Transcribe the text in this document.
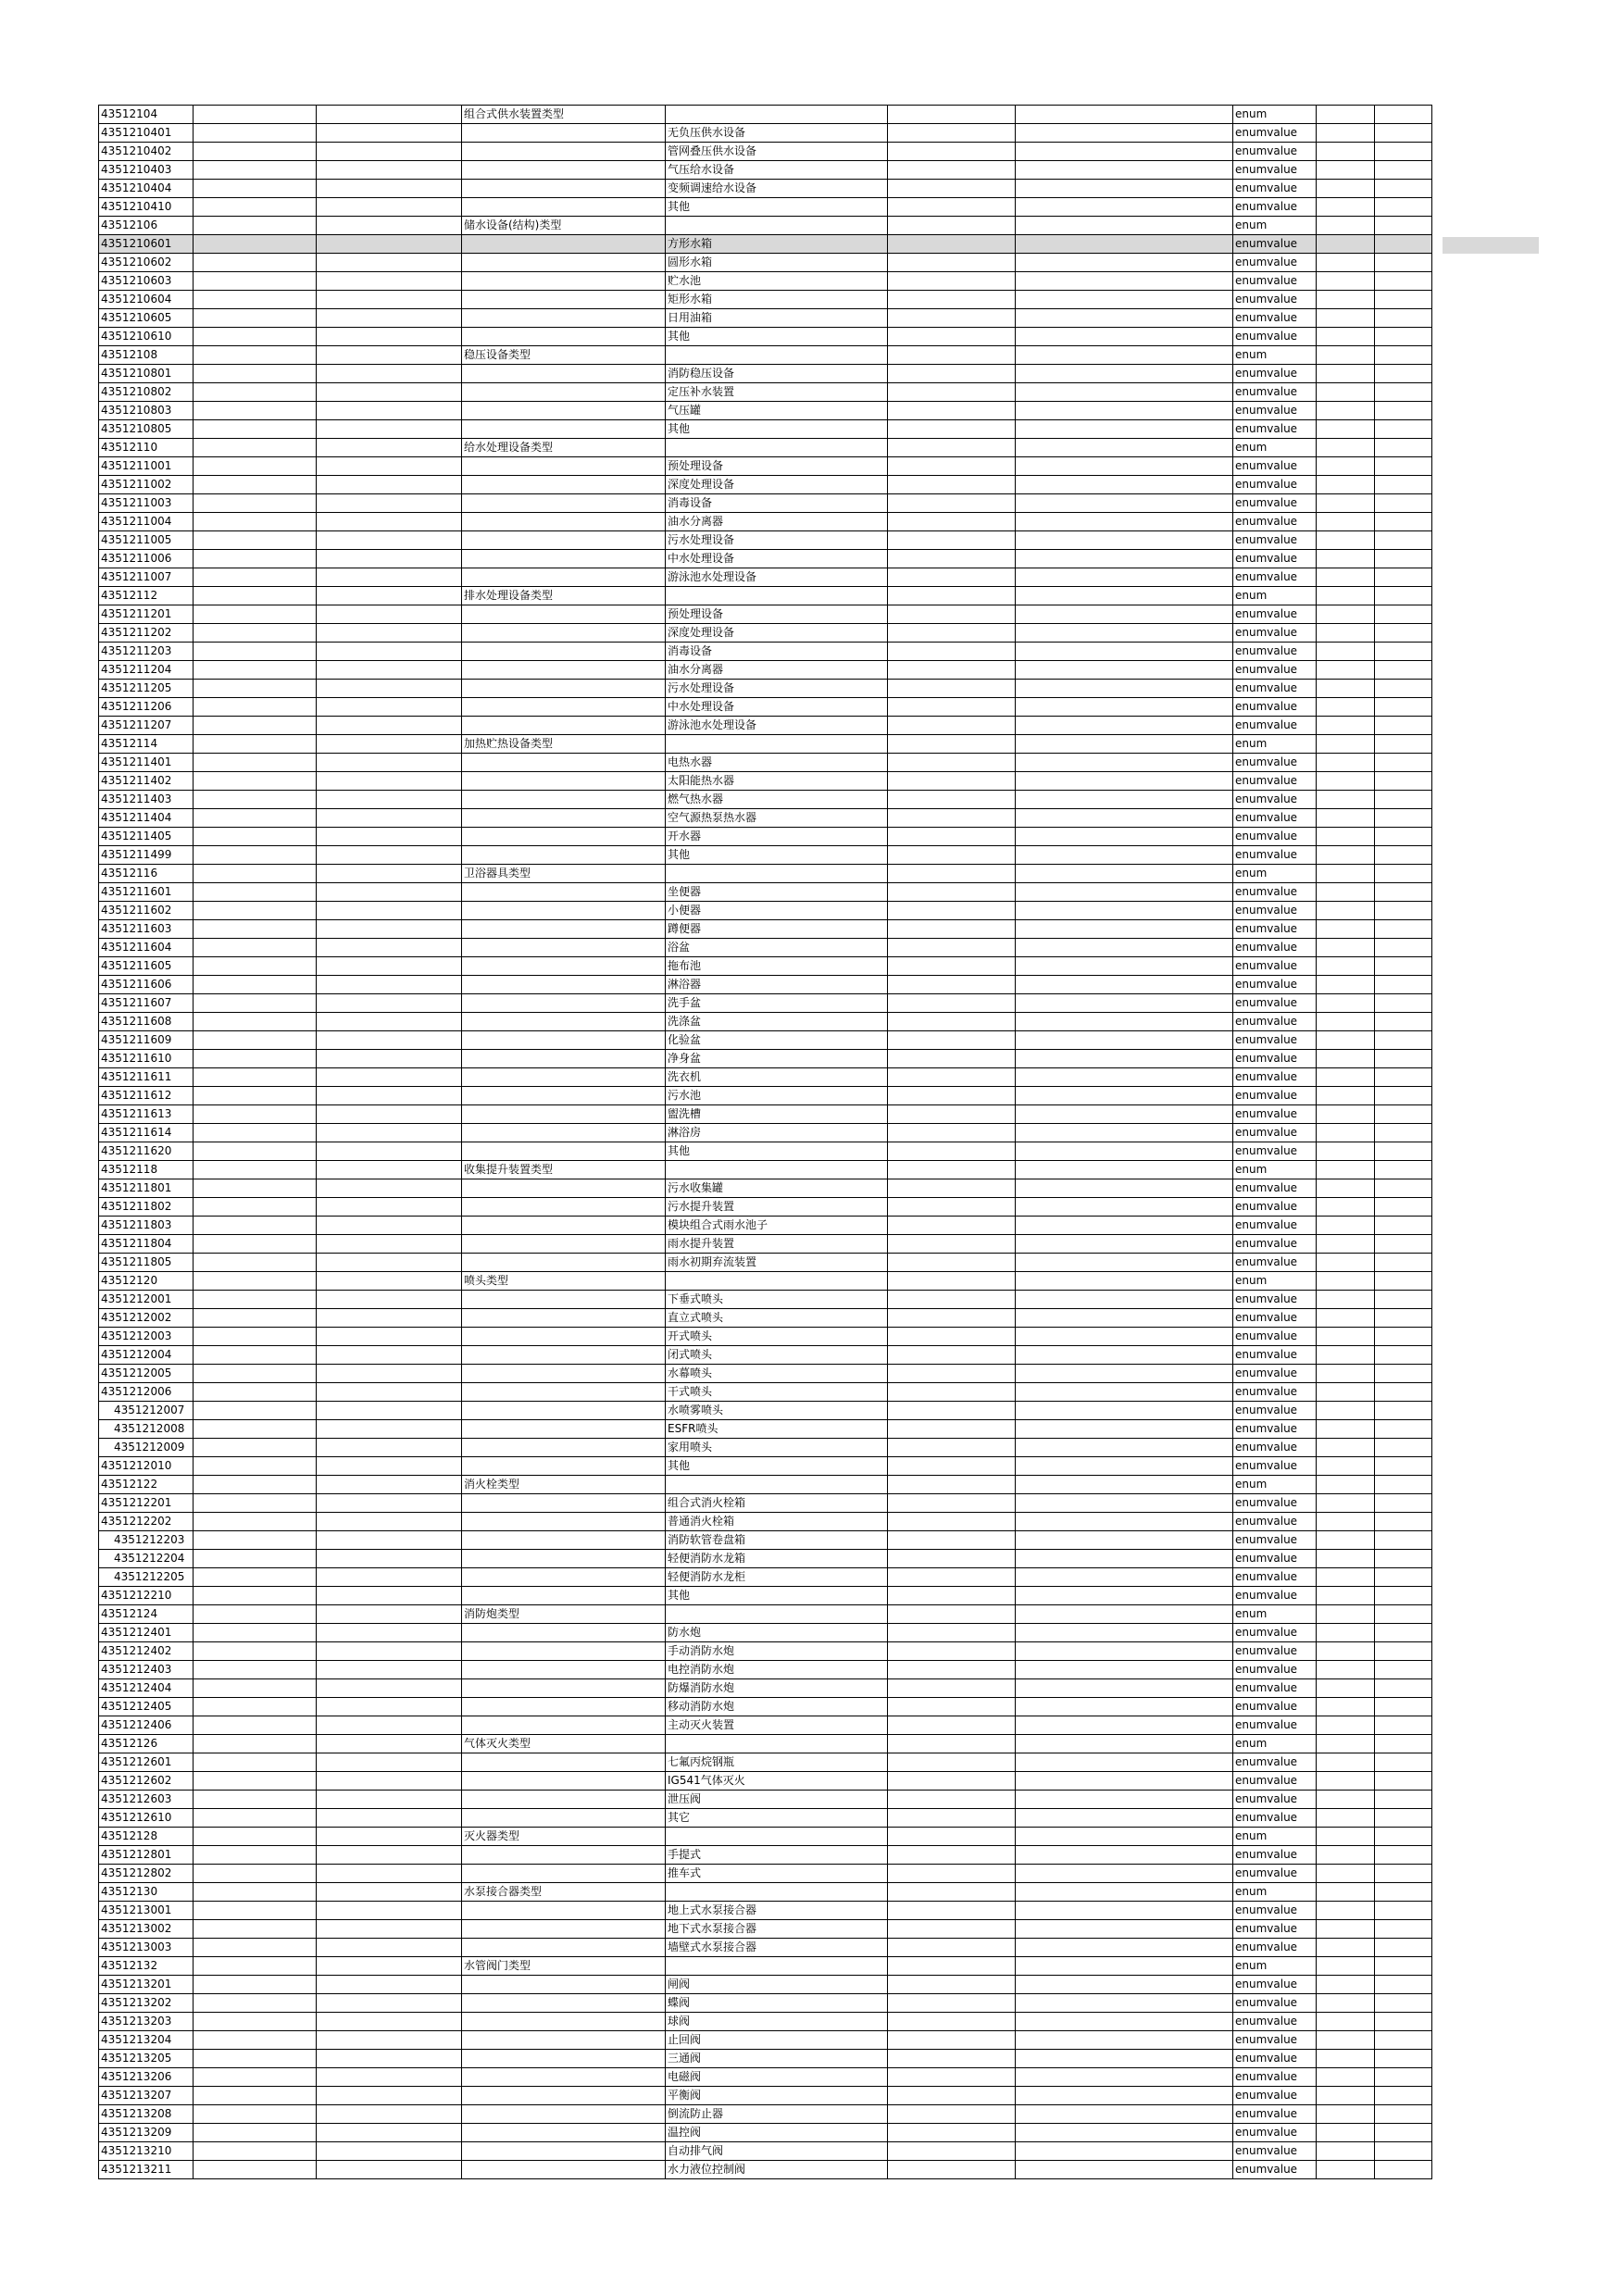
43512104			组合式供水装置类型				enum		
4351210401				无负压供水设备			enumvalue		
4351210402				管网叠压供水设备			enumvalue		
4351210403				气压给水设备			enumvalue		
4351210404				变频调速给水设备			enumvalue		
4351210410				其他			enumvalue		
43512106			储水设备(结构)类型				enum		
4351210601				方形水箱			enumvalue		
4351210602				圆形水箱			enumvalue		
4351210603				贮水池			enumvalue		
4351210604				矩形水箱			enumvalue		
4351210605				日用油箱			enumvalue		
4351210610				其他			enumvalue		
43512108			稳压设备类型				enum		
4351210801				消防稳压设备			enumvalue		
4351210802				定压补水装置			enumvalue		
4351210803				气压罐			enumvalue		
4351210805				其他			enumvalue		
43512110			给水处理设备类型				enum		
4351211001				预处理设备			enumvalue		
4351211002				深度处理设备			enumvalue		
4351211003				消毒设备			enumvalue		
4351211004				油水分离器			enumvalue		
4351211005				污水处理设备			enumvalue		
4351211006				中水处理设备			enumvalue		
4351211007				游泳池水处理设备			enumvalue		
43512112			排水处理设备类型				enum		
4351211201				预处理设备			enumvalue		
4351211202				深度处理设备			enumvalue		
4351211203				消毒设备			enumvalue		
4351211204				油水分离器			enumvalue		
4351211205				污水处理设备			enumvalue		
4351211206				中水处理设备			enumvalue		
4351211207				游泳池水处理设备			enumvalue		
43512114			加热贮热设备类型				enum		
4351211401				电热水器			enumvalue		
4351211402				太阳能热水器			enumvalue		
4351211403				燃气热水器			enumvalue		
4351211404				空气源热泵热水器			enumvalue		
4351211405				开水器			enumvalue		
4351211499				其他			enumvalue		
43512116			卫浴器具类型				enum		
4351211601				坐便器			enumvalue		
4351211602				小便器			enumvalue		
4351211603				蹲便器			enumvalue		
4351211604				浴盆			enumvalue		
4351211605				拖布池			enumvalue		
4351211606				淋浴器			enumvalue		
4351211607				洗手盆			enumvalue		
4351211608				洗涤盆			enumvalue		
4351211609				化验盆			enumvalue		
4351211610				净身盆			enumvalue		
4351211611				洗衣机			enumvalue		
4351211612				污水池			enumvalue		
4351211613				盥洗槽			enumvalue		
4351211614				淋浴房			enumvalue		
4351211620				其他			enumvalue		
43512118			收集提升装置类型				enum		
4351211801				污水收集罐			enumvalue		
4351211802				污水提升装置			enumvalue		
4351211803				模块组合式雨水池子			enumvalue		
4351211804				雨水提升装置			enumvalue		
4351211805				雨水初期弃流装置			enumvalue		
43512120			喷头类型				enum		
4351212001				下垂式喷头			enumvalue		
4351212002				直立式喷头			enumvalue		
4351212003				开式喷头			enumvalue		
4351212004				闭式喷头			enumvalue		
4351212005				水幕喷头			enumvalue		
4351212006				干式喷头			enumvalue		
4351212007				水喷雾喷头			enumvalue		
4351212008				ESFR喷头			enumvalue		
4351212009				家用喷头			enumvalue		
4351212010				其他			enumvalue		
43512122			消火栓类型				enum		
4351212201				组合式消火栓箱			enumvalue		
4351212202				普通消火栓箱			enumvalue		
4351212203				消防软管卷盘箱			enumvalue		
4351212204				轻便消防水龙箱			enumvalue		
4351212205				轻便消防水龙柜			enumvalue		
4351212210				其他			enumvalue		
43512124			消防炮类型				enum		
4351212401				防水炮			enumvalue		
4351212402				手动消防水炮			enumvalue		
4351212403				电控消防水炮			enumvalue		
4351212404				防爆消防水炮			enumvalue		
4351212405				移动消防水炮			enumvalue		
4351212406				主动灭火装置			enumvalue		
43512126			气体灭火类型				enum		
4351212601				七氟丙烷钢瓶			enumvalue		
4351212602				IG541气体灭火			enumvalue		
4351212603				泄压阀			enumvalue		
4351212610				其它			enumvalue		
43512128			灭火器类型				enum		
4351212801				手提式			enumvalue		
4351212802				推车式			enumvalue		
43512130			水泵接合器类型				enum		
4351213001				地上式水泵接合器			enumvalue		
4351213002				地下式水泵接合器			enumvalue		
4351213003				墙壁式水泵接合器			enumvalue		
43512132			水管阀门类型				enum		
4351213201				闸阀			enumvalue		
4351213202				蝶阀			enumvalue		
4351213203				球阀			enumvalue		
4351213204				止回阀			enumvalue		
4351213205				三通阀			enumvalue		
4351213206				电磁阀			enumvalue		
4351213207				平衡阀			enumvalue		
4351213208				倒流防止器			enumvalue		
4351213209				温控阀			enumvalue		
4351213210				自动排气阀			enumvalue		
4351213211				水力液位控制阀			enumvalue		
